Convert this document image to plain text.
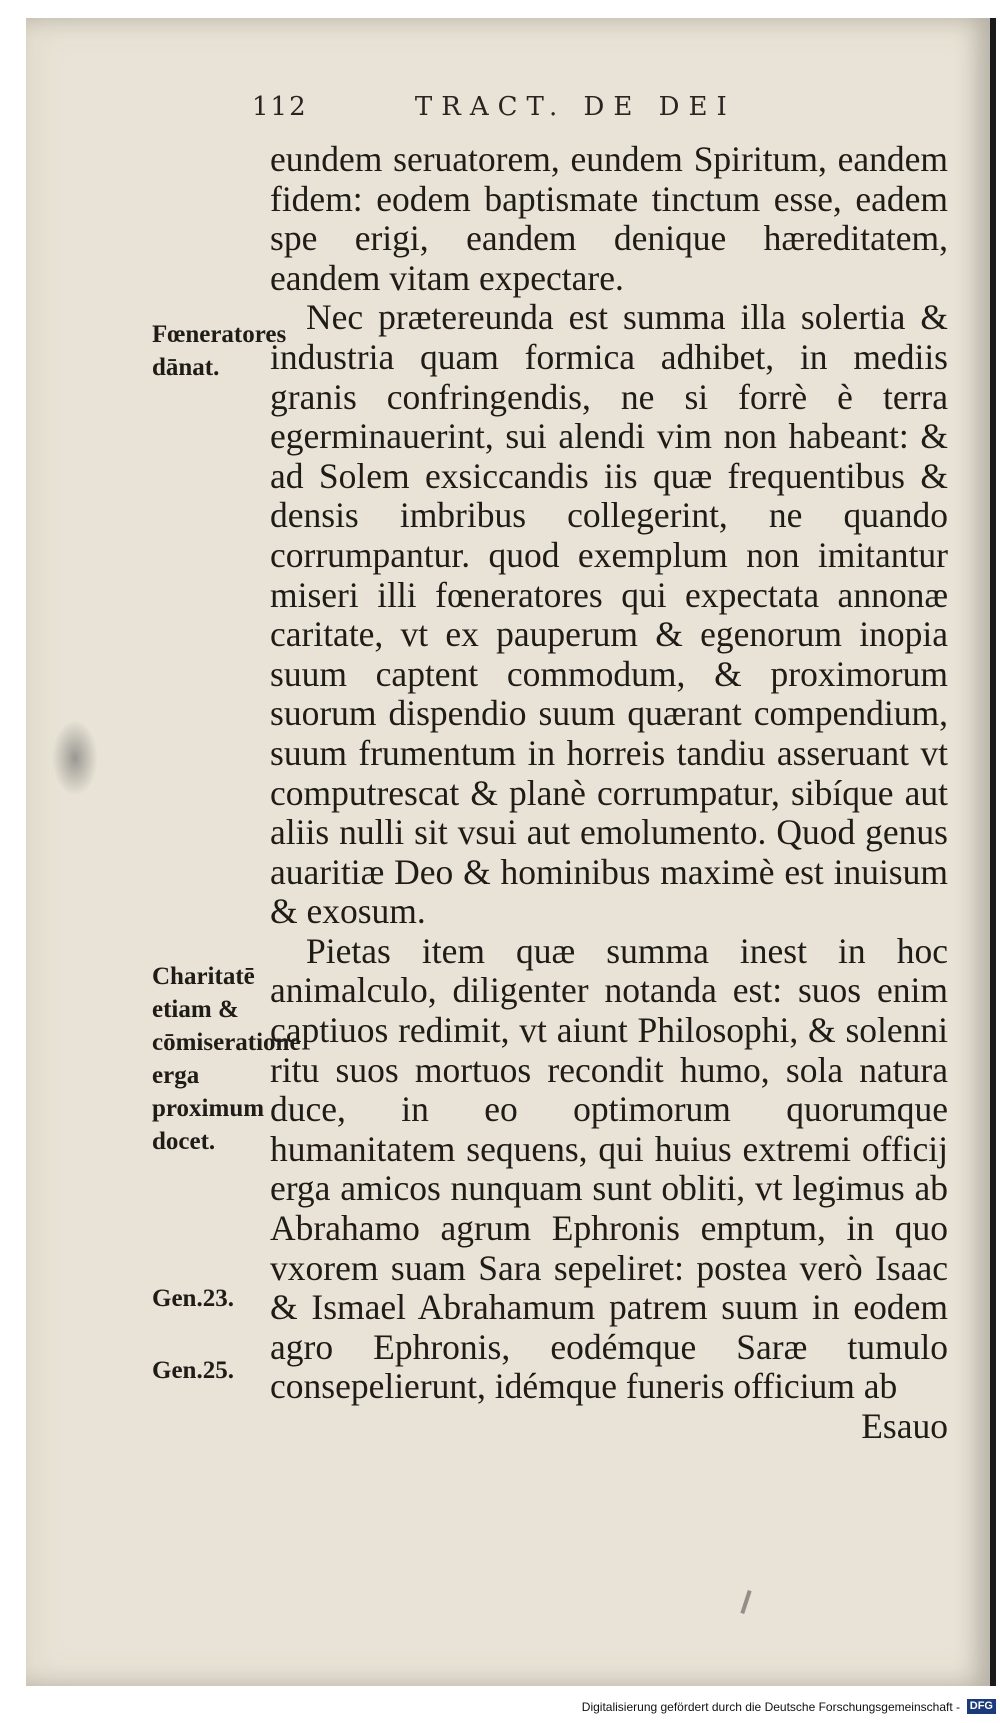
112	TRACT. DE DEI

eundem seruatorem, eundem Spiritum, eandem fidem: eodem baptismate tinctum esse, eadem spe erigi, eandem denique hæreditatem, eandem vitam expectare.

Nec prætereunda est summa illa solertia & industria quam formica adhibet, in mediis granis confringendis, ne si forrè è terra egerminauerint, sui alendi vim non habeant: & ad Solem exsiccandis iis quæ frequentibus & densis imbribus collegerint, ne quando corrumpantur. quod exemplum non imitantur miseri illi fœneratores qui expectata annonæ caritate, vt ex pauperum & egenorum inopia suum captent commodum, & proximorum suorum dispendio suum quærant compendium, suum frumentum in horreis tandiu asseruant vt computrescat & planè corrumpatur, sibíque aut aliis nulli sit vsui aut emolumento. Quod genus auaritiæ Deo & hominibus maximè est inuisum & exosum.

Pietas item quæ summa inest in hoc animalculo, diligenter notanda est: suos enim captiuos redimit, vt aiunt Philosophi, & solenni ritu suos mortuos recondit humo, sola natura duce, in eo optimorum quorumque humanitatem sequens, qui huius extremi officij erga amicos nunquam sunt obliti, vt legimus ab Abrahamo agrum Ephronis emptum, in quo vxorem suam Sara sepeliret: postea verò Isaac & Ismael Abrahamum patrem suum in eodem agro Ephronis, eodémque Saræ tumulo consepelierunt, idémque funeris officium ab

Esauo
Fœneratores dānat.
Charitatē etiam & cōmiseratione erga proximum docet.
Gen.23.
Gen.25.
Digitalisierung gefördert durch die Deutsche Forschungsgemeinschaft - DFG
